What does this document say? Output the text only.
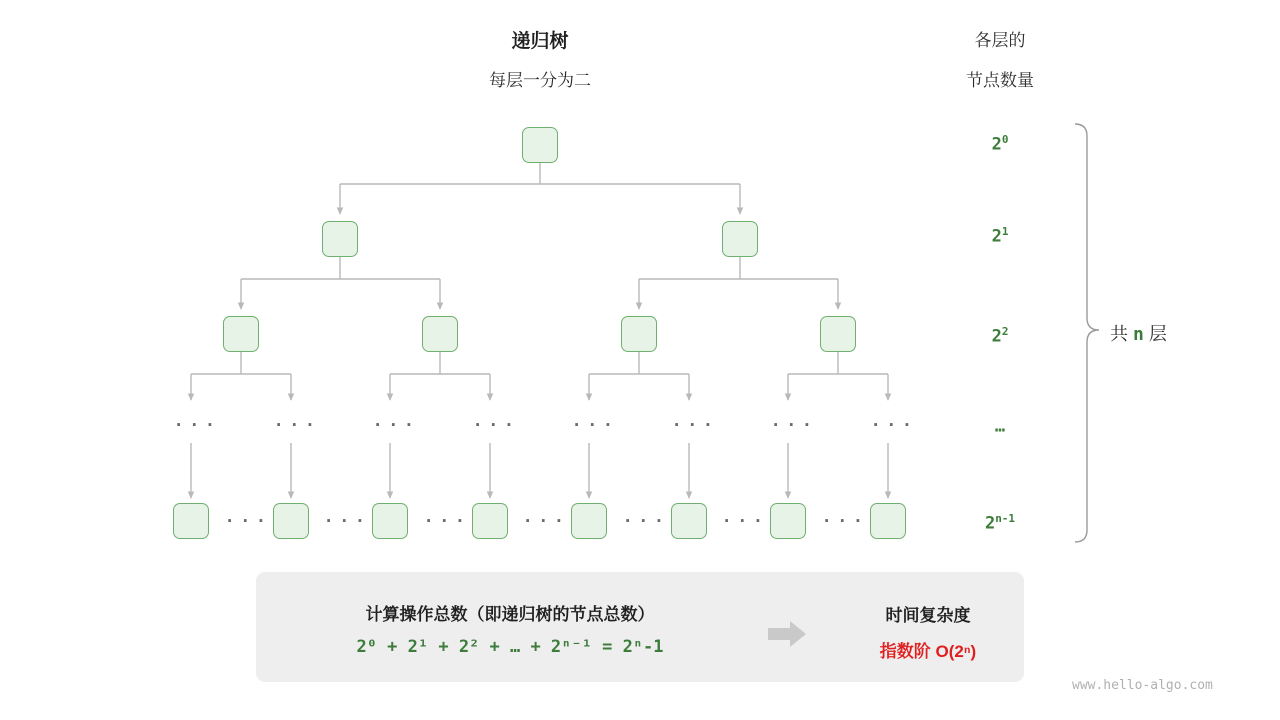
递归树
每层一分为二
各层的
节点数量
· · ·	· · ·	· · ·	· · ·	· · ·	· · ·	· · ·	· · ·
· · ·	· · ·	· · ·	· · ·	· · ·	· · ·	· · ·
$2^0$
$2^1$
$2^2$
…
2$^{n-1}$
共 n 层
计算操作总数（即递归树的节点总数）
2⁰ + 2¹ + 2² + … + 2ⁿ⁻¹ = 2ⁿ-1
时间复杂度
指数阶 O(2ⁿ)
www.hello-algo.com
